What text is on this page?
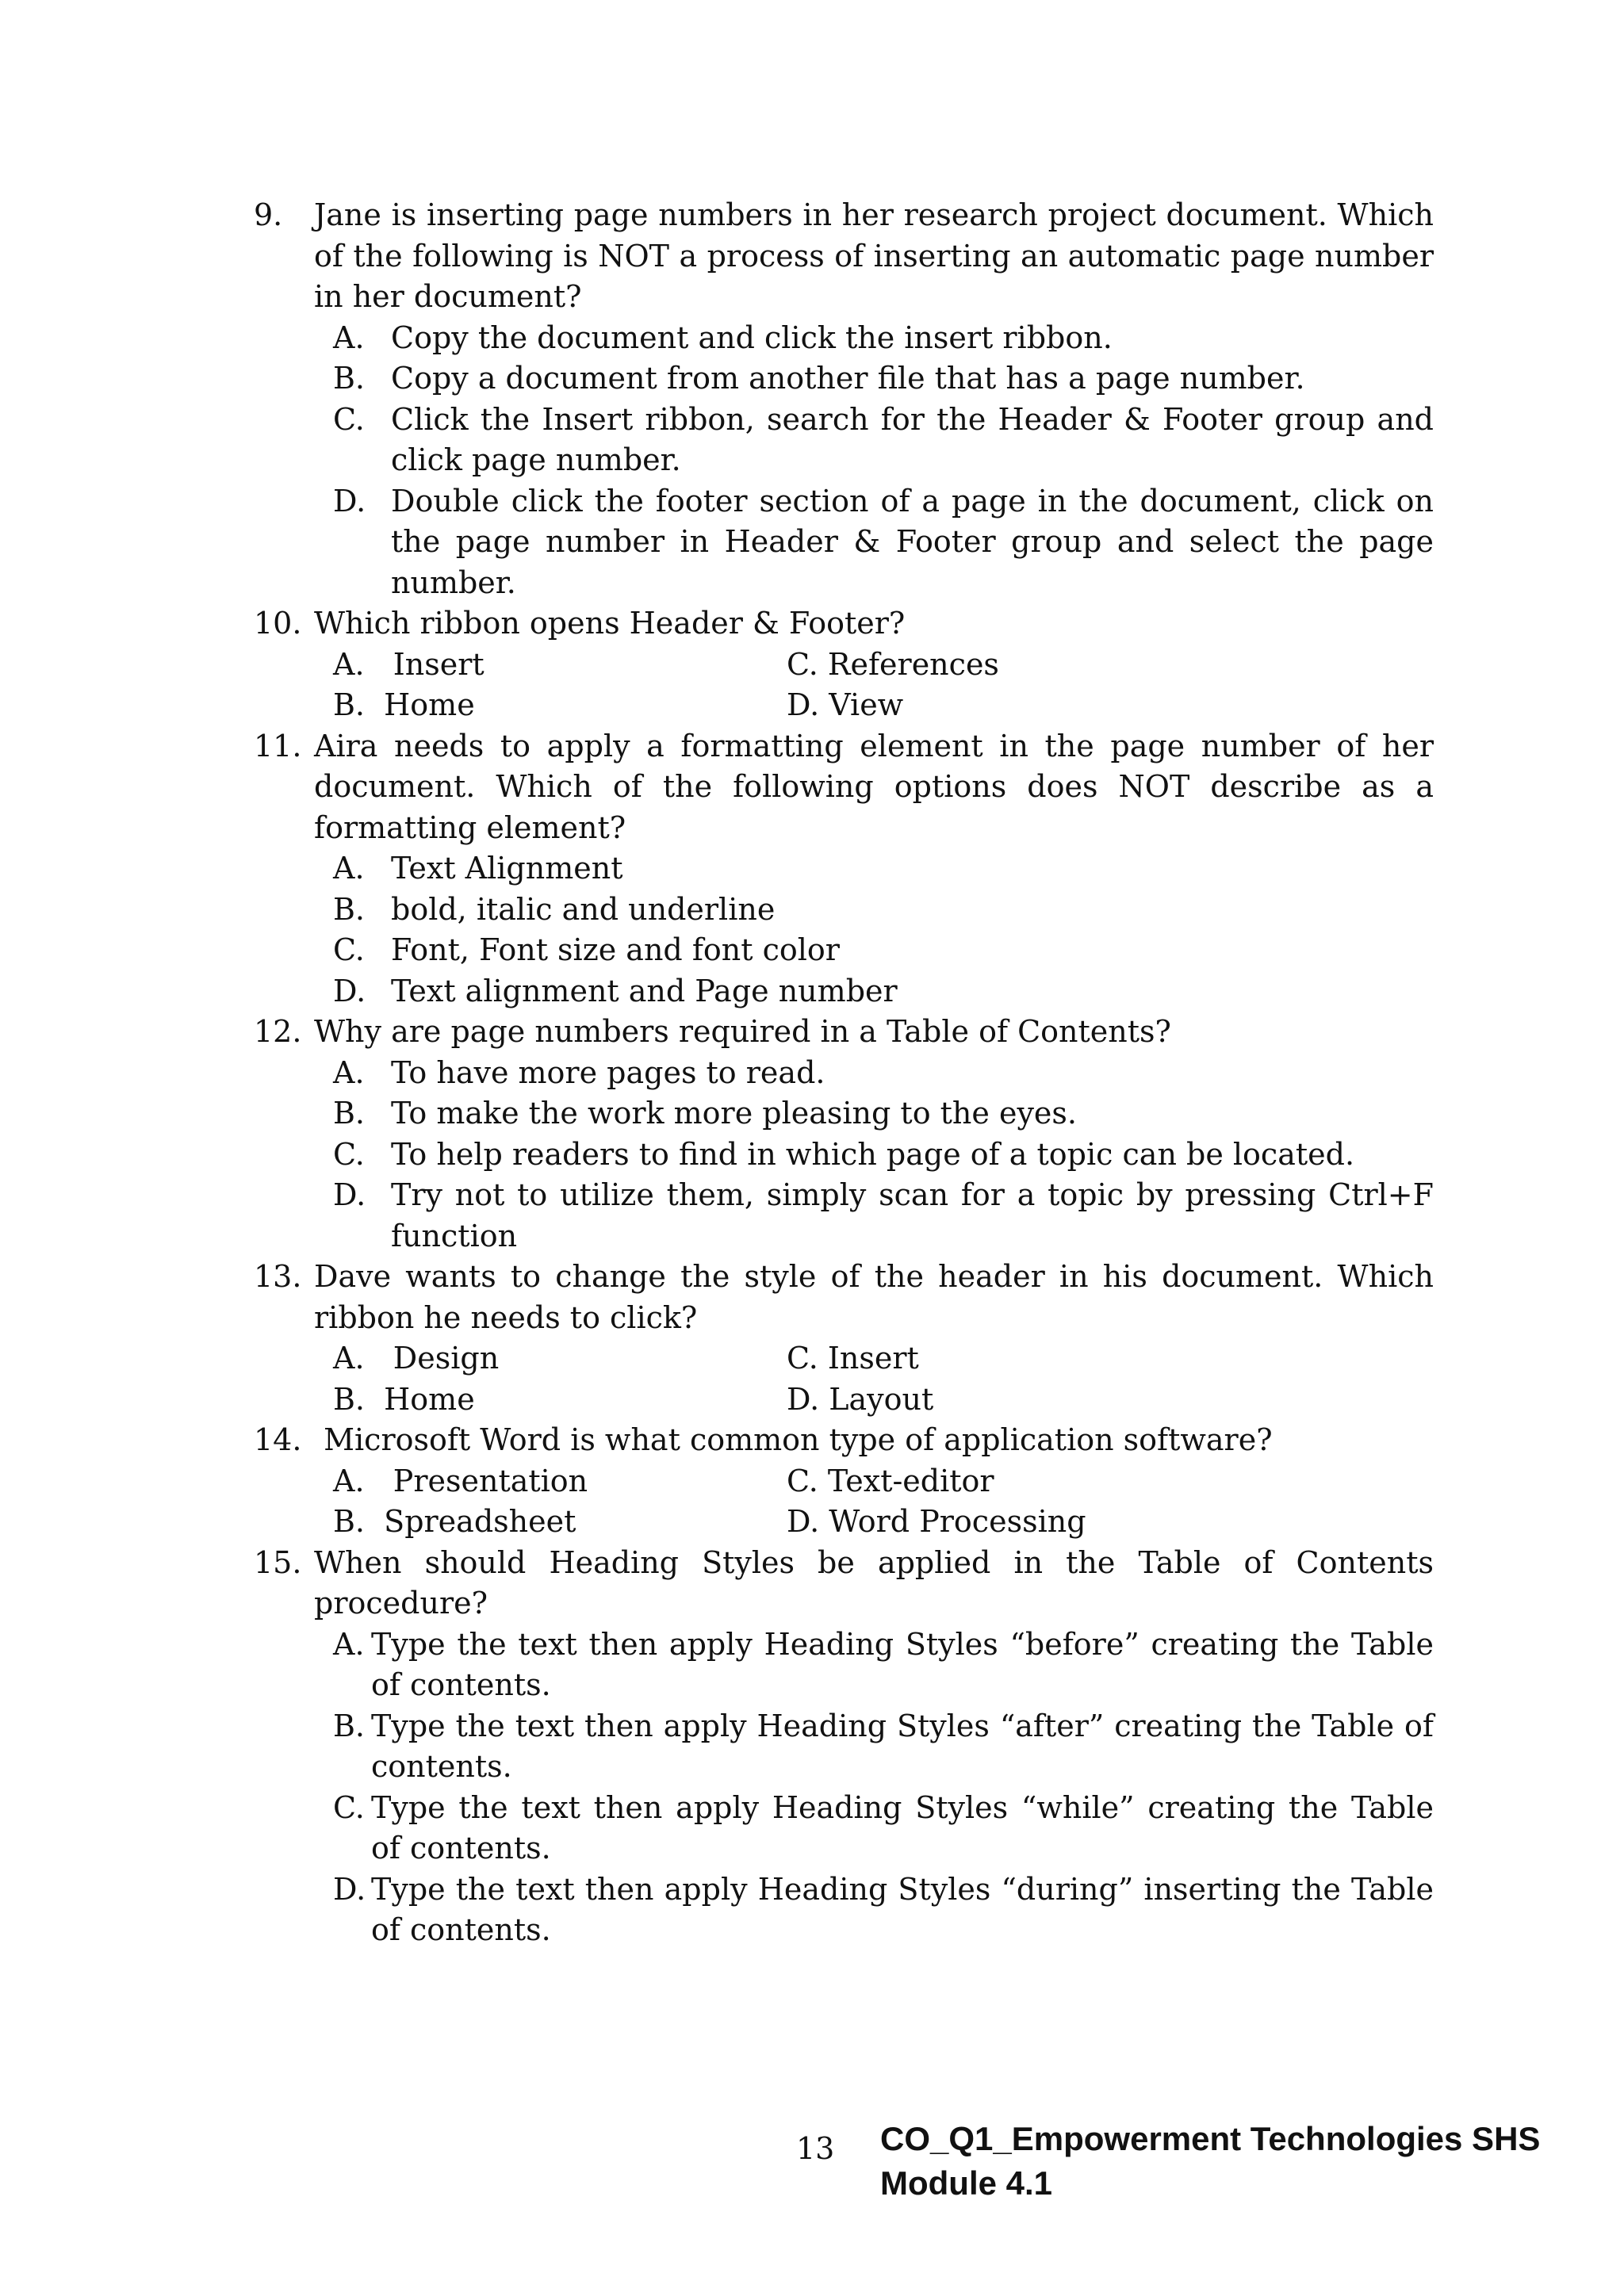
9. Jane is inserting page numbers in her research project document. Which of the following is NOT a process of inserting an automatic page number in her document?
A. Copy the document and click the insert ribbon.
B. Copy a document from another file that has a page number.
C. Click the Insert ribbon, search for the Header & Footer group and click page number.
D. Double click the footer section of a page in the document, click on the page number in Header & Footer group and select the page number.
10. Which ribbon opens Header & Footer?
A.   Insert	C. References
B.  Home	D. View
11. Aira needs to apply a formatting element in the page number of her document. Which of the following options does NOT describe as a formatting element?
A. Text Alignment
B. bold, italic and underline
C. Font, Font size and font color
D. Text alignment and Page number
12. Why are page numbers required in a Table of Contents?
A. To have more pages to read.
B. To make the work more pleasing to the eyes.
C. To help readers to find in which page of a topic can be located.
D. Try not to utilize them, simply scan for a topic by pressing Ctrl+F function
13. Dave wants to change the style of the header in his document. Which ribbon he needs to click?
A.   Design	C. Insert
B.  Home	D. Layout
14. Microsoft Word is what common type of application software?
A.   Presentation	C. Text-editor
B.  Spreadsheet	D. Word Processing
15. When should Heading Styles be applied in the Table of Contents procedure?
A. Type the text then apply Heading Styles “before” creating the Table of contents.
B. Type the text then apply Heading Styles “after” creating the Table of contents.
C. Type the text then apply Heading Styles “while” creating the Table of contents.
D. Type the text then apply Heading Styles “during” inserting the Table of contents.
13 CO_Q1_Empowerment Technologies SHS
Module 4.1
